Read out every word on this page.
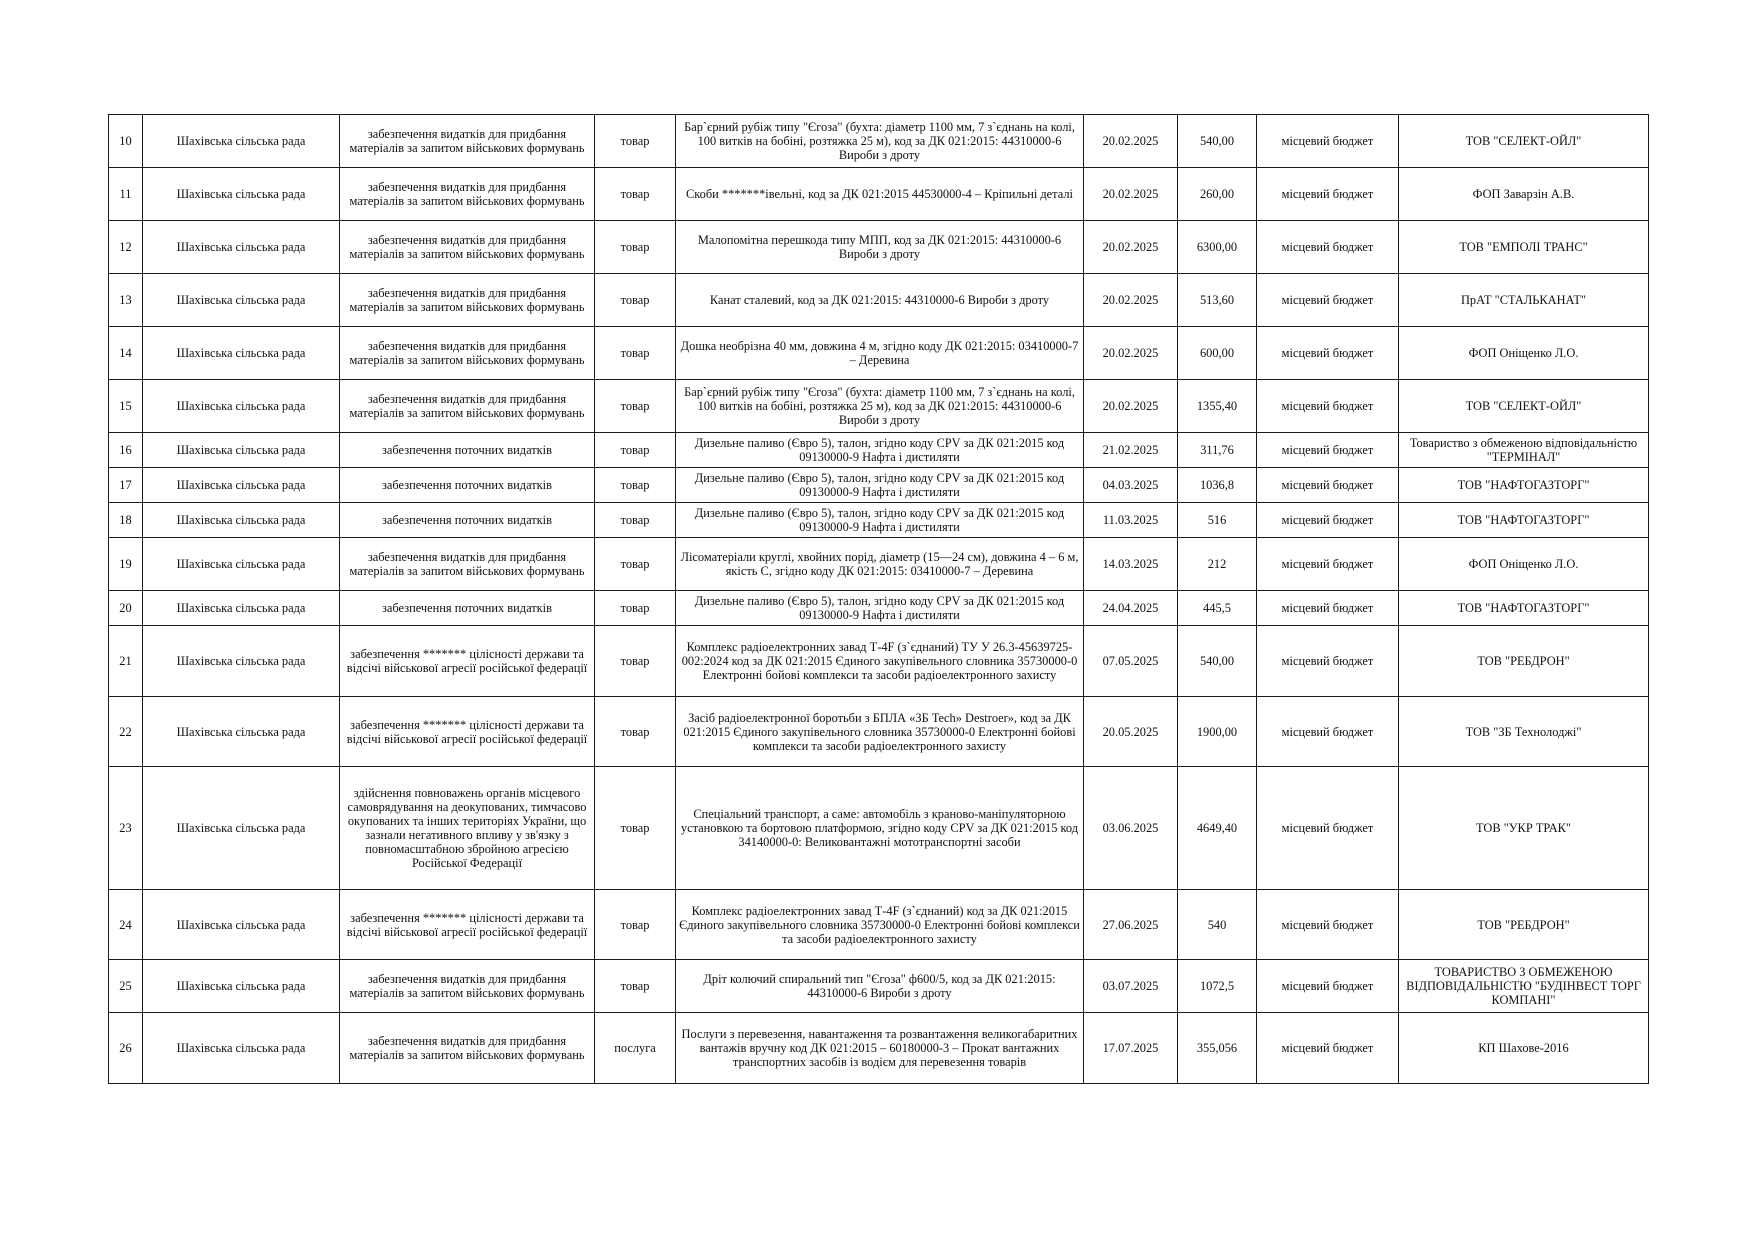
10	Шахівська сільська рада	забезпечення видатків для придбання матеріалів за запитом військових формувань	товар	Бар`єрний рубіж типу "Єгоза" (бухта: діаметр 1100 мм, 7 з`єднань на колі, 100 витків на бобіні, розтяжка 25 м), код за ДК 021:2015: 44310000-6 Вироби з дроту	20.02.2025	540,00	місцевий бюджет	ТОВ "СЕЛЕКТ-ОЙЛ"
11	Шахівська сільська рада	забезпечення видатків для придбання матеріалів за запитом військових формувань	товар	Скоби *******івельні, код за ДК 021:2015 44530000-4 – Кріпильні деталі	20.02.2025	260,00	місцевий бюджет	ФОП Заварзін А.В.
12	Шахівська сільська рада	забезпечення видатків для придбання матеріалів за запитом військових формувань	товар	Малопомітна перешкода типу МПП, код за ДК 021:2015: 44310000-6 Вироби з дроту	20.02.2025	6300,00	місцевий бюджет	ТОВ "ЕМПОЛІ ТРАНС"
13	Шахівська сільська рада	забезпечення видатків для придбання матеріалів за запитом військових формувань	товар	Канат сталевий, код за ДК 021:2015: 44310000-6 Вироби з дроту	20.02.2025	513,60	місцевий бюджет	ПрАТ "СТАЛЬКАНАТ"
14	Шахівська сільська рада	забезпечення видатків для придбання матеріалів за запитом військових формувань	товар	Дошка необрізна 40 мм, довжина 4 м, згідно коду ДК 021:2015: 03410000-7 – Деревина	20.02.2025	600,00	місцевий бюджет	ФОП Оніщенко Л.О.
15	Шахівська сільська рада	забезпечення видатків для придбання матеріалів за запитом військових формувань	товар	Бар`єрний рубіж типу "Єгоза" (бухта: діаметр 1100 мм, 7 з`єднань на колі, 100 витків на бобіні, розтяжка 25 м), код за ДК 021:2015: 44310000-6 Вироби з дроту	20.02.2025	1355,40	місцевий бюджет	ТОВ "СЕЛЕКТ-ОЙЛ"
16	Шахівська сільська рада	забезпечення поточних видатків	товар	Дизельне паливо (Євро 5), талон, згідно коду CPV за ДК 021:2015 код 09130000-9 Нафта і дистиляти	21.02.2025	311,76	місцевий бюджет	Товариство з обмеженою відповідальністю "ТЕРМІНАЛ"
17	Шахівська сільська рада	забезпечення поточних видатків	товар	Дизельне паливо (Євро 5), талон, згідно коду CPV за ДК 021:2015 код 09130000-9 Нафта і дистиляти	04.03.2025	1036,8	місцевий бюджет	ТОВ "НАФТОГАЗТОРГ"
18	Шахівська сільська рада	забезпечення поточних видатків	товар	Дизельне паливо (Євро 5), талон, згідно коду CPV за ДК 021:2015 код 09130000-9 Нафта і дистиляти	11.03.2025	516	місцевий бюджет	ТОВ "НАФТОГАЗТОРГ"
19	Шахівська сільська рада	забезпечення видатків для придбання матеріалів за запитом військових формувань	товар	Лісоматеріали круглі, хвойних порід, діаметр (15—24 см), довжина 4 – 6 м, якість С, згідно коду ДК 021:2015: 03410000-7 – Деревина	14.03.2025	212	місцевий бюджет	ФОП Оніщенко Л.О.
20	Шахівська сільська рада	забезпечення поточних видатків	товар	Дизельне паливо (Євро 5), талон, згідно коду CPV за ДК 021:2015 код 09130000-9 Нафта і дистиляти	24.04.2025	445,5	місцевий бюджет	ТОВ "НАФТОГАЗТОРГ"
21	Шахівська сільська рада	забезпечення ******* цілісності держави та відсічі військової агресії російської федерації	товар	Комплекс радіоелектронних завад Т-4F (з`єднаний) ТУ У 26.3-45639725-002:2024 код за ДК 021:2015 Єдиного закупівельного словника 35730000-0 Електронні бойові комплекси та засоби радіоелектронного захисту	07.05.2025	540,00	місцевий бюджет	ТОВ "РЕБДРОН"
22	Шахівська сільська рада	забезпечення ******* цілісності держави та відсічі військової агресії російської федерації	товар	Засіб радіоелектронної боротьби з БПЛА «ЗБ Tech» Destroer», код за ДК 021:2015 Єдиного закупівельного словника 35730000-0 Електронні бойові комплекси та засоби радіоелектронного захисту	20.05.2025	1900,00	місцевий бюджет	ТОВ "ЗБ Технолоджі"
23	Шахівська сільська рада	здійснення повноважень органів місцевого самоврядування на деокупованих, тимчасово окупованих та інших територіях України, що зазнали негативного впливу у зв'язку з повномасштабною збройною агресією Російської Федерації	товар	Спеціальний транспорт, а саме: автомобіль з краново-маніпуляторною установкою та бортовою платформою, згідно коду CPV за ДК 021:2015 код 34140000-0: Великовантажні мототранспортні засоби	03.06.2025	4649,40	місцевий бюджет	ТОВ "УКР ТРАК"
24	Шахівська сільська рада	забезпечення ******* цілісності держави та відсічі військової агресії російської федерації	товар	Комплекс радіоелектронних завад Т-4F (з`єднаний) код за ДК 021:2015 Єдиного закупівельного словника 35730000-0 Електронні бойові комплекси та засоби радіоелектронного захисту	27.06.2025	540	місцевий бюджет	ТОВ "РЕБДРОН"
25	Шахівська сільська рада	забезпечення видатків для придбання матеріалів за запитом військових формувань	товар	Дріт колючий спиральний тип "Єгоза" ф600/5, код за ДК 021:2015: 44310000-6 Вироби з дроту	03.07.2025	1072,5	місцевий бюджет	ТОВАРИСТВО З ОБМЕЖЕНОЮ ВІДПОВІДАЛЬНІСТЮ "БУДІНВЕСТ ТОРГ КОМПАНІ"
26	Шахівська сільська рада	забезпечення видатків для придбання матеріалів за запитом військових формувань	послуга	Послуги з перевезення, навантаження та розвантаження великогабаритних вантажів вручну код ДК 021:2015 – 60180000-3 – Прокат вантажних транспортних засобів із водієм для перевезення товарів	17.07.2025	355,056	місцевий бюджет	КП Шахове-2016
